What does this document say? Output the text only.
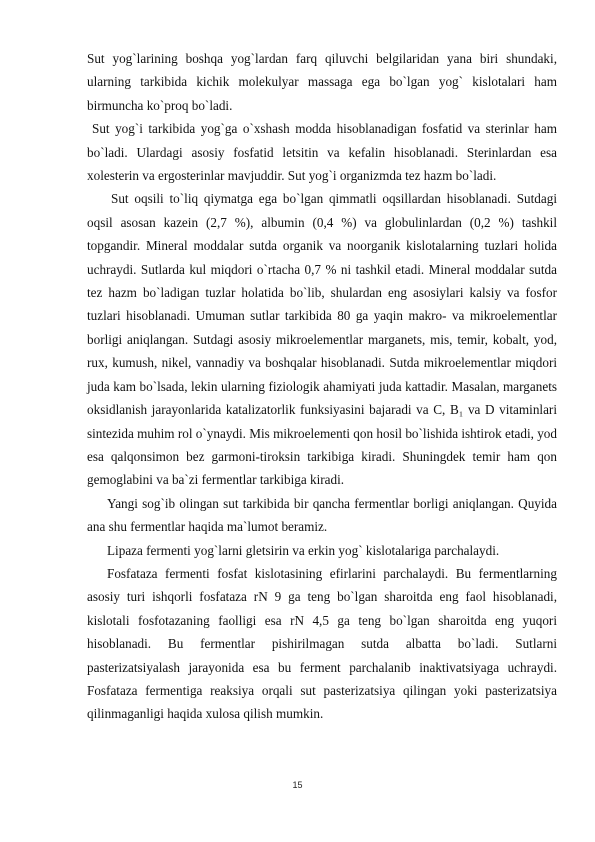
Sut yog`larining boshqa yog`lardan farq qiluvchi belgilaridan yana biri shundaki, ularning tarkibida kichik molekulyar massaga ega bo`lgan yog` kislotalari ham birmuncha ko`proq bo`ladi.

Sut yog`i tarkibida yog`ga o`xshash modda hisoblanadigan fosfatid va sterinlar ham bo`ladi. Ulardagi asosiy fosfatid letsitin va kefalin hisoblanadi. Sterinlardan esa xolesterin va ergosterinlar mavjuddir. Sut yog`i organizmda tez hazm bo`ladi.

Sut oqsili to`liq qiymatga ega bo`lgan qimmatli oqsillardan hisoblanadi. Sutdagi oqsil asosan kazein (2,7 %), albumin (0,4 %) va globulinlardan (0,2 %) tashkil topgandir. Mineral moddalar sutda organik va noorganik kislotalarning tuzlari holida uchraydi. Sutlarda kul miqdori o`rtacha 0,7 % ni tashkil etadi. Mineral moddalar sutda tez hazm bo`ladigan tuzlar holatida bo`lib, shulardan eng asosiylari kalsiy va fosfor tuzlari hisoblanadi. Umuman sutlar tarkibida 80 ga yaqin makro- va mikroelementlar borligi aniqlangan. Sutdagi asosiy mikroelementlar marganets, mis, temir, kobalt, yod, rux, kumush, nikel, vannadiy va boshqalar hisoblanadi. Sutda mikroelementlar miqdori juda kam bo`lsada, lekin ularning fiziologik ahamiyati juda kattadir. Masalan, marganets oksidlanish jarayonlarida katalizatorlik funksiyasini bajaradi va C, B₁ va D vitaminlari sintezida muhim rol o`ynaydi. Mis mikroelementi qon hosil bo`lishida ishtirok etadi, yod esa qalqonsimon bez garmoni-tiroksin tarkibiga kiradi. Shuningdek temir ham qon gemoglabini va ba`zi fermentlar tarkibiga kiradi.

Yangi sog`ib olingan sut tarkibida bir qancha fermentlar borligi aniqlangan. Quyida ana shu fermentlar haqida ma`lumot beramiz.

Lipaza fermenti yog`larni gletsirin va erkin yog` kislotalariga parchalaydi.

Fosfataza fermenti fosfat kislotasining efirlarini parchalaydi. Bu fermentlarning asosiy turi ishqorli fosfataza rN 9 ga teng bo`lgan sharoitda eng faol hisoblanadi, kislotali fosfotazaning faolligi esa rN 4,5 ga teng bo`lgan sharoitda eng yuqori hisoblanadi. Bu fermentlar pishirilmagan sutda albatta bo`ladi. Sutlarni pasterizatsiyalash jarayonida esa bu ferment parchalanib inaktivatsiyaga uchraydi. Fosfataza fermentiga reaksiya orqali sut pasterizatsiya qilingan yoki pasterizatsiya qilinmaganligi haqida xulosa qilish mumkin.

15
